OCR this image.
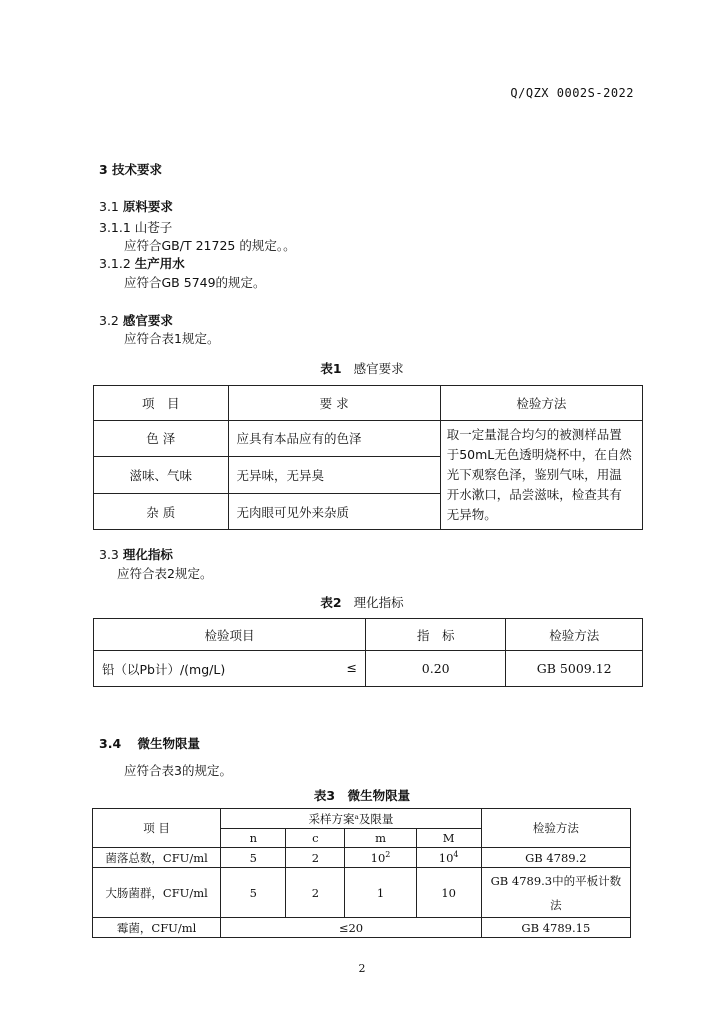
Q/QZX 0002S-2022
3 技术要求
3.1 原料要求
3.1.1 山苍子
应符合GB/T 21725 的规定。。
3.1.2 生产用水
应符合GB 5749的规定。
3.2 感官要求
应符合表1规定。
表1 感官要求
项　目	要 求	检验方法
色 泽	应具有本品应有的色泽	取一定量混合均匀的被测样品置
于50mL无色透明烧杯中，在自然
光下观察色泽，鉴别气味，用温
开水漱口，品尝滋味，检查其有
无异物。

滋味、气味	无异味，无异臭	
杂 质	无肉眼可见外来杂质	
3.3 理化指标
应符合表2规定。
表2 理化指标
检验项目	指　标	检验方法
铅（以Pb计）/(mg/L) ≤	0.20	GB 5009.12
3.4 微生物限量
应符合表3的规定。
表3　微生物限量
项 目	采样方案ᵃ及限量				检验方法
	n	c	m	M	
菌落总数，CFU/ml	5	2	$10^2$	$10^4$	GB 4789.2
大肠菌群，CFU/ml	5	2	1	10	GB 4789.3中的平板计数
法

霉菌，CFU/ml	≤20				GB 4789.15
2
